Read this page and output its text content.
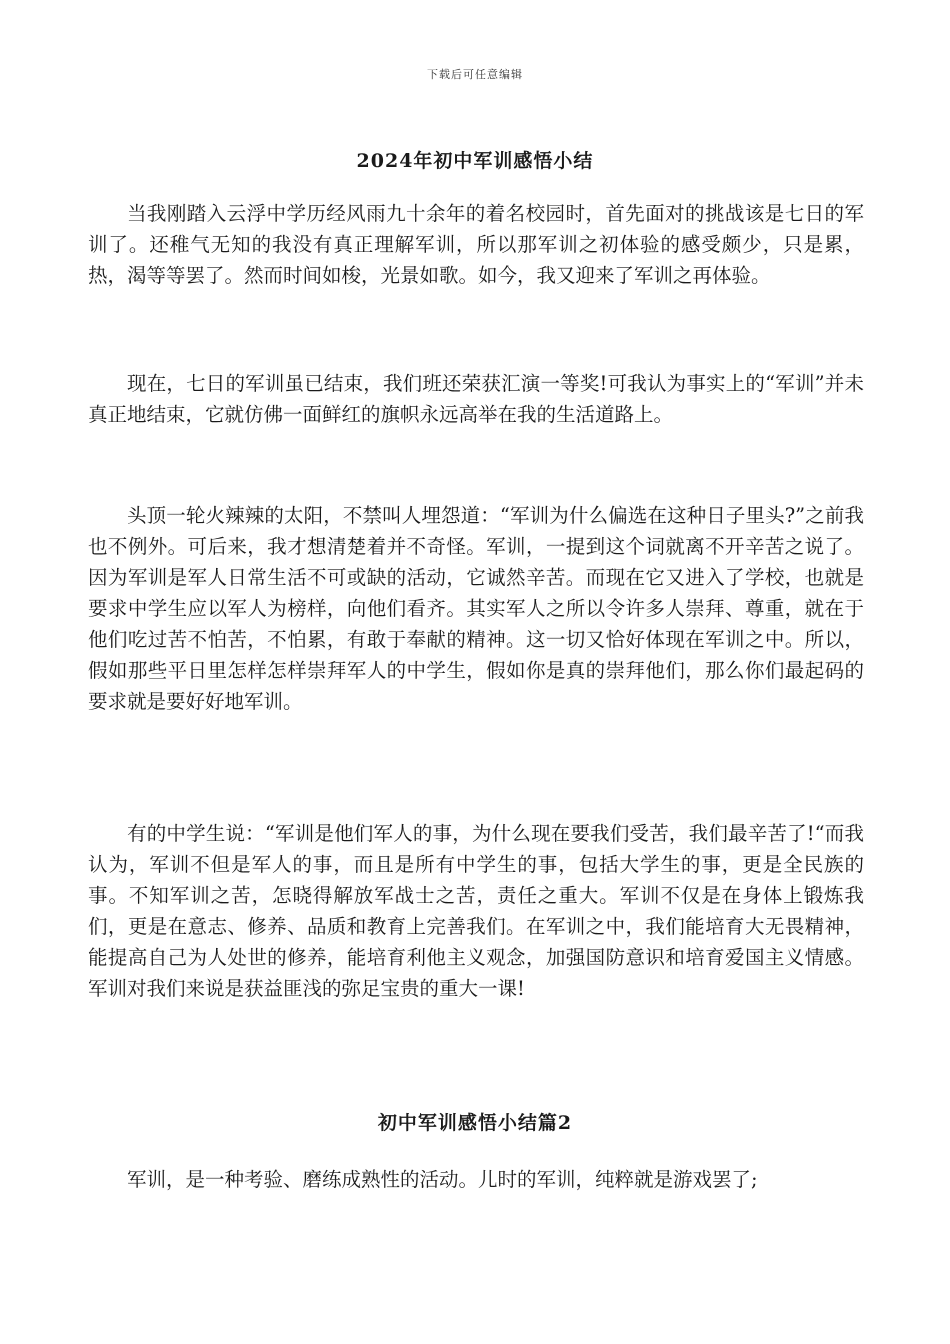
下载后可任意编辑
2024年初中军训感悟小结

当我刚踏入云浮中学历经风雨九十余年的着名校园时，首先面对的挑战该是七日的军训了。还稚气无知的我没有真正理解军训，所以那军训之初体验的感受颇少，只是累，热，渴等等罢了。然而时间如梭，光景如歌。如今，我又迎来了军训之再体验。

现在，七日的军训虽已结束，我们班还荣获汇演一等奖!可我认为事实上的“军训”并未真正地结束，它就仿佛一面鲜红的旗帜永远高举在我的生活道路上。

头顶一轮火辣辣的太阳，不禁叫人埋怨道：“军训为什么偏选在这种日子里头?”之前我也不例外。可后来，我才想清楚着并不奇怪。军训，一提到这个词就离不开辛苦之说了。因为军训是军人日常生活不可或缺的活动，它诚然辛苦。而现在它又进入了学校，也就是要求中学生应以军人为榜样，向他们看齐。其实军人之所以令许多人崇拜、尊重，就在于他们吃过苦不怕苦，不怕累，有敢于奉献的精神。这一切又恰好体现在军训之中。所以，假如那些平日里怎样怎样崇拜军人的中学生，假如你是真的崇拜他们，那么你们最起码的要求就是要好好地军训。

有的中学生说：“军训是他们军人的事，为什么现在要我们受苦，我们最辛苦了!“而我认为，军训不但是军人的事，而且是所有中学生的事，包括大学生的事，更是全民族的事。不知军训之苦，怎晓得解放军战士之苦，责任之重大。军训不仅是在身体上锻炼我们，更是在意志、修养、品质和教育上完善我们。在军训之中，我们能培育大无畏精神，能提高自己为人处世的修养，能培育利他主义观念，加强国防意识和培育爱国主义情感。军训对我们来说是获益匪浅的弥足宝贵的重大一课!

初中军训感悟小结篇2

军训，是一种考验、磨练成熟性的活动。儿时的军训，纯粹就是游戏罢了;
